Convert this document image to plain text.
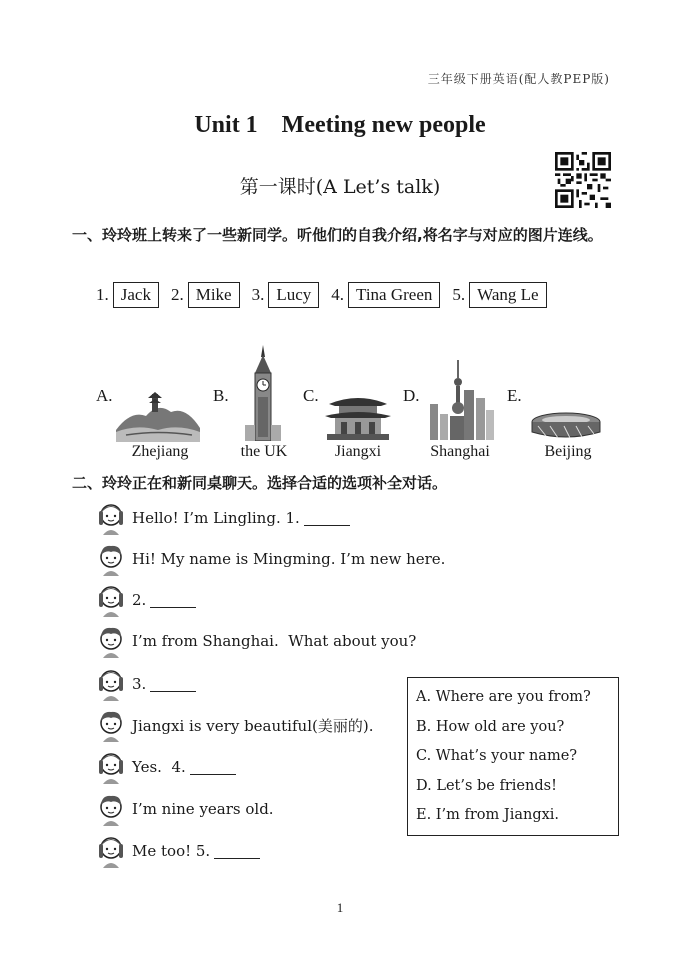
三年级下册英语(配人教PEP版)
Unit 1    Meeting new people
第一课时(A Let’s talk)
一、玲玲班上转来了一些新同学。听他们的自我介绍,将名字与对应的图片连线。
1. Jack	2. Mike	3. Lucy	4. Tina Green	5. Wang Le
A.	B.	C.	D.	E.
Zhejiang	the UK	Jiangxi	Shanghai	Beijing
二、玲玲正在和新同桌聊天。选择合适的选项补全对话。
Hello! I’m Lingling. 1.
Hi! My name is Mingming. I’m new here.
2.
I’m from Shanghai.  What about you?
3.
Jiangxi is very beautiful(美丽的).
Yes.  4.
I’m nine years old.
Me too! 5.
A. Where are you from?
B. How old are you?
C. What’s your name?
D. Let’s be friends!
E. I’m from Jiangxi.
1
